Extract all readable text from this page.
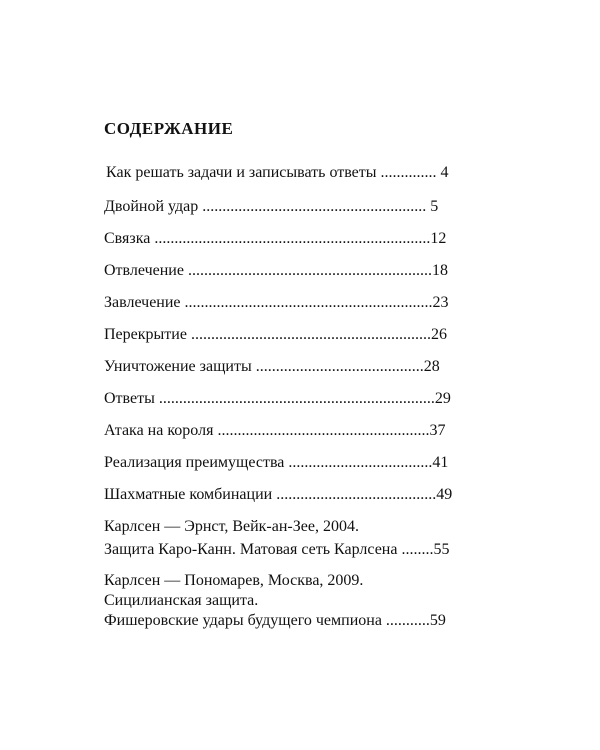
СОДЕРЖАНИЕ
Как решать задачи и записывать ответы .............. 4
Двойной удар ........................................................ 5
Связка .....................................................................12
Отвлечение .............................................................18
Завлечение ..............................................................23
Перекрытие ............................................................26
Уничтожение защиты ..........................................28
Ответы .....................................................................29
Атака на короля .....................................................37
Реализация преимущества ....................................41
Шахматные комбинации ........................................49
Карлсен — Эрнст, Вейк-ан-Зее, 2004.
Защита Каро-Канн. Матовая сеть Карлсена ........55
Карлсен — Пономарев, Москва, 2009.
Сицилианская защита.
Фишеровские удары будущего чемпиона ...........59
